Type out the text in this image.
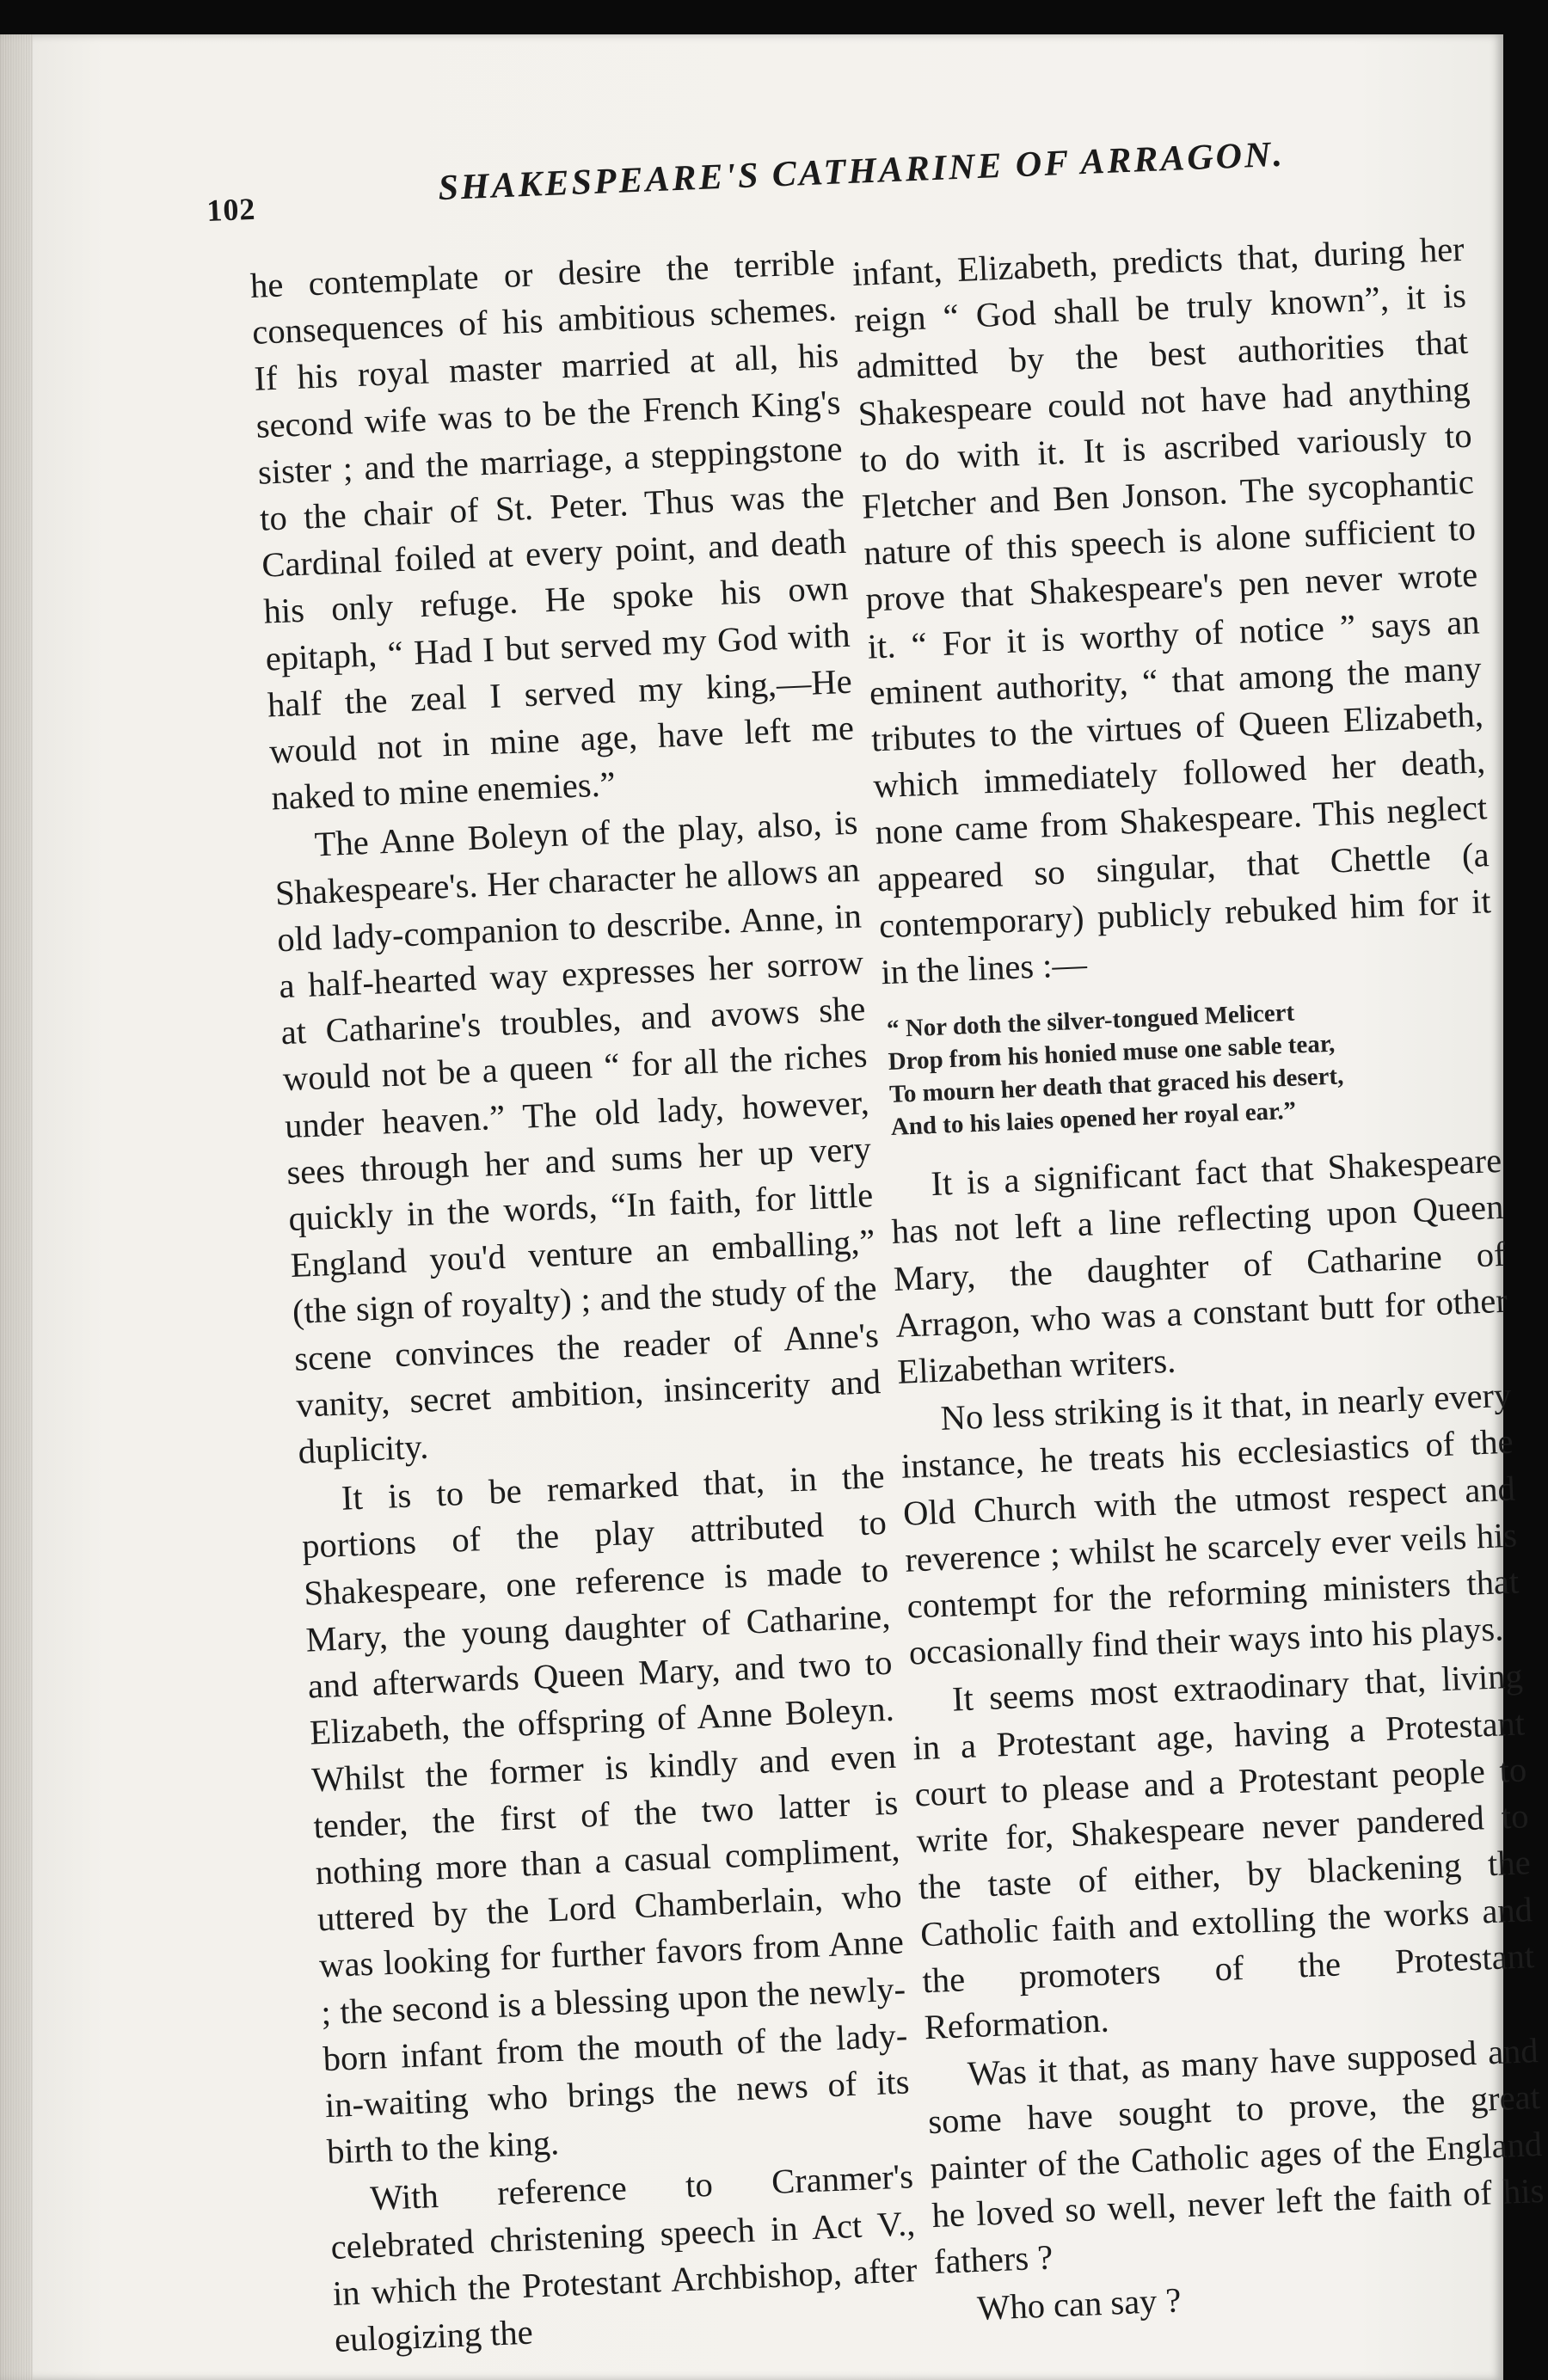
102
SHAKESPEARE'S CATHARINE OF ARRAGON.

he contemplate or desire the terrible consequences of his ambitious schemes. If his royal master married at all, his second wife was to be the French King's sister ; and the marriage, a steppingstone to the chair of St. Peter. Thus was the Cardinal foiled at every point, and death his only refuge. He spoke his own epitaph, “ Had I but served my God with half the zeal I served my king,—He would not in mine age, have left me naked to mine enemies.”

The Anne Boleyn of the play, also, is Shakespeare's. Her character he allows an old lady-companion to describe. Anne, in a half-hearted way expresses her sorrow at Catharine's troubles, and avows she would not be a queen “ for all the riches under heaven.” The old lady, however, sees through her and sums her up very quickly in the words, “In faith, for little England you'd venture an emballing,” (the sign of royalty) ; and the study of the scene convinces the reader of Anne's vanity, secret ambition, insincerity and duplicity.

It is to be remarked that, in the portions of the play attributed to Shakespeare, one reference is made to Mary, the young daughter of Catharine, and afterwards Queen Mary, and two to Elizabeth, the offspring of Anne Boleyn. Whilst the former is kindly and even tender, the first of the two latter is nothing more than a casual compliment, uttered by the Lord Chamberlain, who was looking for further favors from Anne ; the second is a blessing upon the newly-born infant from the mouth of the lady-in-waiting who brings the news of its birth to the king.

With reference to Cranmer's celebrated christening speech in Act V., in which the Protestant Archbishop, after eulogizing the

infant, Elizabeth, predicts that, during her reign “ God shall be truly known”, it is admitted by the best authorities that Shakespeare could not have had anything to do with it. It is ascribed variously to Fletcher and Ben Jonson. The sycophantic nature of this speech is alone sufficient to prove that Shakespeare's pen never wrote it. “ For it is worthy of notice ” says an eminent authority, “ that among the many tributes to the virtues of Queen Elizabeth, which immediately followed her death, none came from Shakespeare. This neglect appeared so singular, that Chettle (a contemporary) publicly rebuked him for it in the lines :—

“ Nor doth the silver-tongued Melicert
Drop from his honied muse one sable tear,
To mourn her death that graced his desert,
And to his laies opened her royal ear.”

It is a significant fact that Shakespeare has not left a line reflecting upon Queen Mary, the daughter of Catharine of Arragon, who was a constant butt for other Elizabethan writers.

No less striking is it that, in nearly every instance, he treats his ecclesiastics of the Old Church with the utmost respect and reverence ; whilst he scarcely ever veils his contempt for the reforming ministers that occasionally find their ways into his plays.

It seems most extraodinary that, living in a Protestant age, having a Protestant court to please and a Protestant people to write for, Shakespeare never pandered to the taste of either, by blackening the Catholic faith and extolling the works and the promoters of the Protestant Reformation.

Was it that, as many have supposed and some have sought to prove, the great painter of the Catholic ages of the England he loved so well, never left the faith of his fathers ?

Who can say ?
